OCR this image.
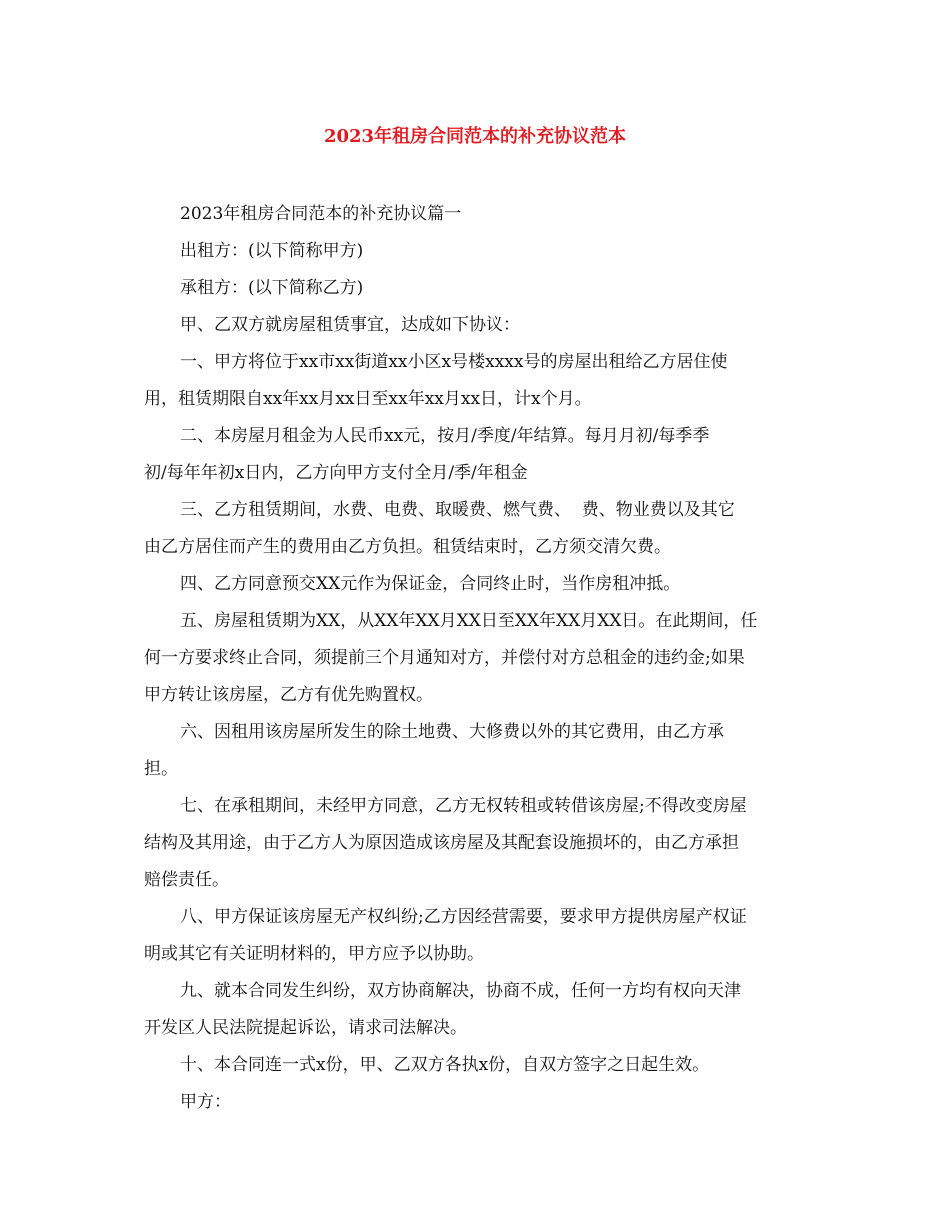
2023年租房合同范本的补充协议范本
2023年租房合同范本的补充协议篇一
出租方：(以下简称甲方)
承租方：(以下简称乙方)
甲、乙双方就房屋租赁事宜，达成如下协议：
一、甲方将位于xx市xx街道xx小区x号楼xxxx号的房屋出租给乙方居住使
用，租赁期限自xx年xx月xx日至xx年xx月xx日，计x个月。
二、本房屋月租金为人民币xx元，按月/季度/年结算。每月月初/每季季
初/每年年初x日内，乙方向甲方支付全月/季/年租金
三、乙方租赁期间，水费、电费、取暖费、燃气费、  费、物业费以及其它
由乙方居住而产生的费用由乙方负担。租赁结束时，乙方须交清欠费。
四、乙方同意预交XX元作为保证金，合同终止时，当作房租冲抵。
五、房屋租赁期为XX，从XX年XX月XX日至XX年XX月XX日。在此期间，任
何一方要求终止合同，须提前三个月通知对方，并偿付对方总租金的违约金;如果
甲方转让该房屋，乙方有优先购置权。
六、因租用该房屋所发生的除土地费、大修费以外的其它费用，由乙方承
担。
七、在承租期间，未经甲方同意，乙方无权转租或转借该房屋;不得改变房屋
结构及其用途，由于乙方人为原因造成该房屋及其配套设施损坏的，由乙方承担
赔偿责任。
八、甲方保证该房屋无产权纠纷;乙方因经营需要，要求甲方提供房屋产权证
明或其它有关证明材料的，甲方应予以协助。
九、就本合同发生纠纷，双方协商解决，协商不成，任何一方均有权向天津
开发区人民法院提起诉讼，请求司法解决。
十、本合同连一式x份，甲、乙双方各执x份，自双方签字之日起生效。
甲方：
